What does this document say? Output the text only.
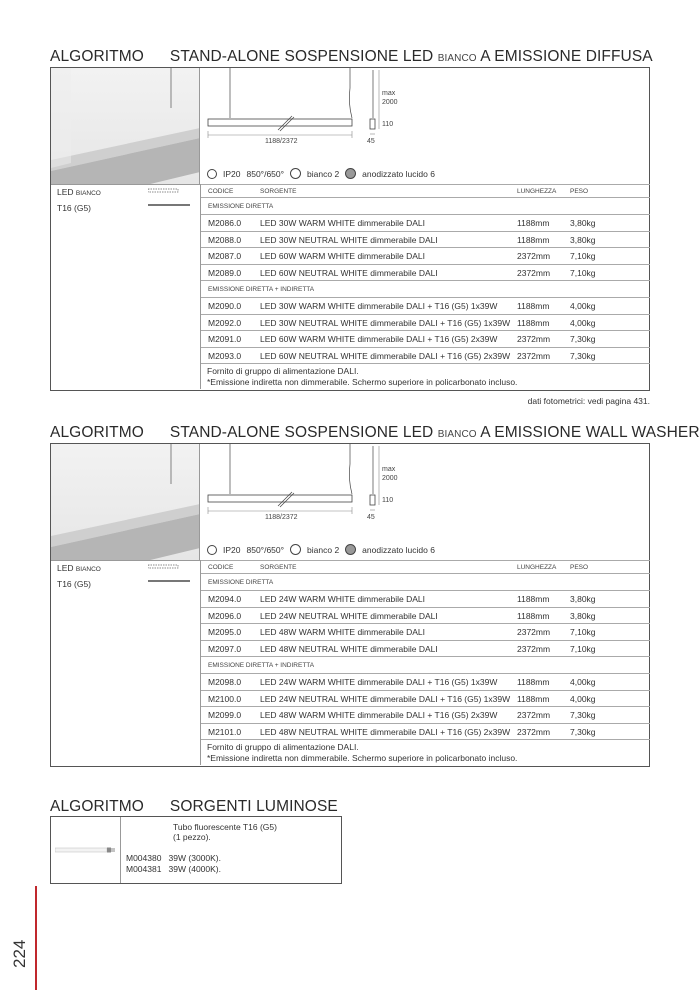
ALGORITMO STAND-ALONE SOSPENSIONE LED BIANCO A EMISSIONE DIFFUSA
max
2000
110
1188/2372	45
IP20 850°/650°	bianco 2	anodizzato lucido 6
LED BIANCO
T16 (G5)
CODICE	SORGENTE	LUNGHEZZA PESO
EMISSIONE DIRETTA
M2086.0 LED 30W WARM WHITE dimmerabile DALI	1188mm 3,80kg
M2088.0 LED 30W NEUTRAL WHITE dimmerabile DALI	1188mm 3,80kg
M2087.0 LED 60W WARM WHITE dimmerabile DALI	2372mm 7,10kg
M2089.0 LED 60W NEUTRAL WHITE dimmerabile DALI	2372mm 7,10kg
EMISSIONE DIRETTA + INDIRETTA
M2090.0 LED 30W WARM WHITE dimmerabile DALI + T16 (G5) 1x39W 1188mm 4,00kg
M2092.0 LED 30W NEUTRAL WHITE dimmerabile DALI + T16 (G5) 1x39W 1188mm 4,00kg
M2091.0 LED 60W WARM WHITE dimmerabile DALI + T16 (G5) 2x39W 2372mm 7,30kg
M2093.0 LED 60W NEUTRAL WHITE dimmerabile DALI + T16 (G5) 2x39W 2372mm 7,30kg
Fornito di gruppo di alimentazione DALI.
*Emissione indiretta non dimmerabile. Schermo superiore in policarbonato incluso.
dati fotometrici: vedi pagina 431.
ALGORITMO STAND-ALONE SOSPENSIONE LED BIANCO A EMISSIONE WALL WASHER
max
2000
110
1188/2372	45
IP20 850°/650°	bianco 2	anodizzato lucido 6
LED BIANCO
T16 (G5)
CODICE	SORGENTE	LUNGHEZZA PESO
EMISSIONE DIRETTA
M2094.0 LED 24W WARM WHITE dimmerabile DALI	1188mm 3,80kg
M2096.0 LED 24W NEUTRAL WHITE dimmerabile DALI	1188mm 3,80kg
M2095.0 LED 48W WARM WHITE dimmerabile DALI	2372mm 7,10kg
M2097.0 LED 48W NEUTRAL WHITE dimmerabile DALI	2372mm 7,10kg
EMISSIONE DIRETTA + INDIRETTA
M2098.0 LED 24W WARM WHITE dimmerabile DALI + T16 (G5) 1x39W 1188mm 4,00kg
M2100.0 LED 24W NEUTRAL WHITE dimmerabile DALI + T16 (G5) 1x39W 1188mm 4,00kg
M2099.0 LED 48W WARM WHITE dimmerabile DALI + T16 (G5) 2x39W 2372mm 7,30kg
M2101.0 LED 48W NEUTRAL WHITE dimmerabile DALI + T16 (G5) 2x39W 2372mm 7,30kg
Fornito di gruppo di alimentazione DALI.
*Emissione indiretta non dimmerabile. Schermo superiore in policarbonato incluso.
ALGORITMO SORGENTI LUMINOSE
Tubo fluorescente T16 (G5)
(1 pezzo).
M004380 39W (3000K).
M004381 39W (4000K).
224
